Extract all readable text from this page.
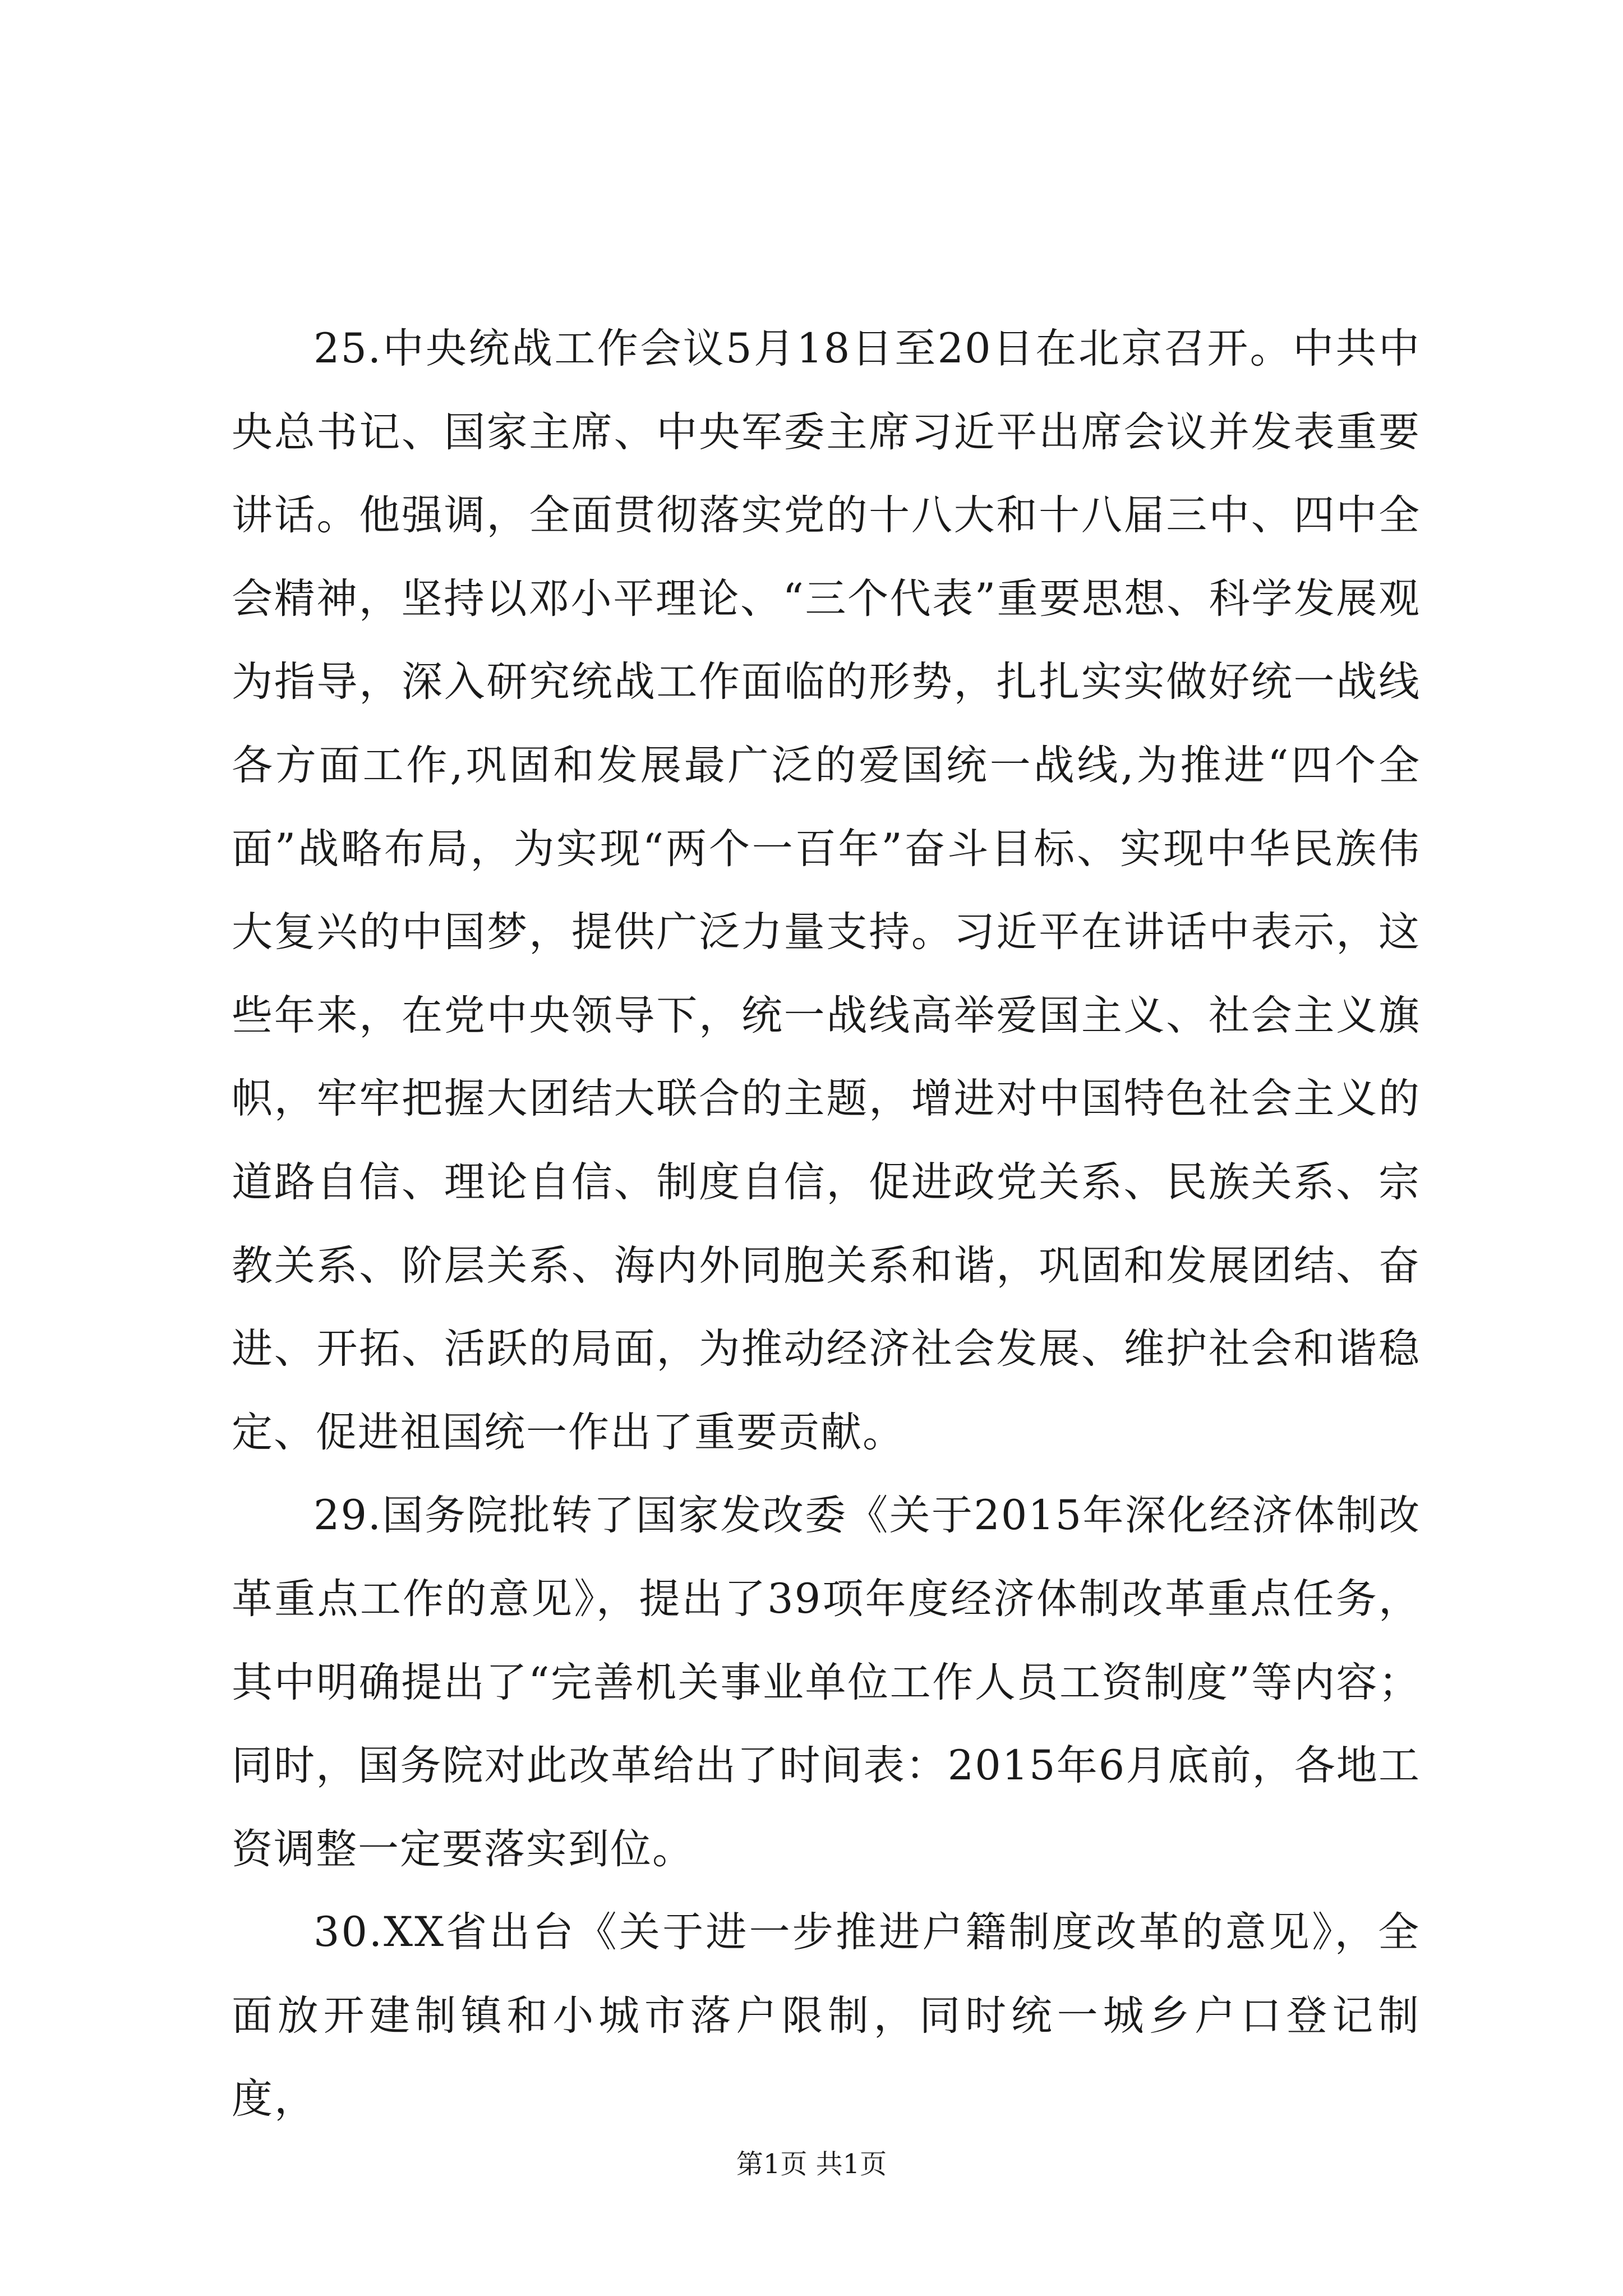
25.中央统战工作会议5月18日至20日在北京召开。中共中央总书记、国家主席、中央军委主席习近平出席会议并发表重要讲话。他强调，全面贯彻落实党的十八大和十八届三中、四中全会精神，坚持以邓小平理论、“三个代表”重要思想、科学发展观为指导，深入研究统战工作面临的形势，扎扎实实做好统一战线各方面工作,巩固和发展最广泛的爱国统一战线,为推进“四个全面”战略布局，为实现“两个一百年”奋斗目标、实现中华民族伟大复兴的中国梦，提供广泛力量支持。习近平在讲话中表示，这些年来，在党中央领导下，统一战线高举爱国主义、社会主义旗帜，牢牢把握大团结大联合的主题，增进对中国特色社会主义的道路自信、理论自信、制度自信，促进政党关系、民族关系、宗教关系、阶层关系、海内外同胞关系和谐，巩固和发展团结、奋进、开拓、活跃的局面，为推动经济社会发展、维护社会和谐稳定、促进祖国统一作出了重要贡献。

29.国务院批转了国家发改委《关于2015年深化经济体制改革重点工作的意见》，提出了39项年度经济体制改革重点任务，其中明确提出了“完善机关事业单位工作人员工资制度”等内容；同时，国务院对此改革给出了时间表：2015年6月底前，各地工资调整一定要落实到位。

30.XX省出台《关于进一步推进户籍制度改革的意见》，全面放开建制镇和小城市落户限制，同时统一城乡户口登记制度，

第1页 共1页
